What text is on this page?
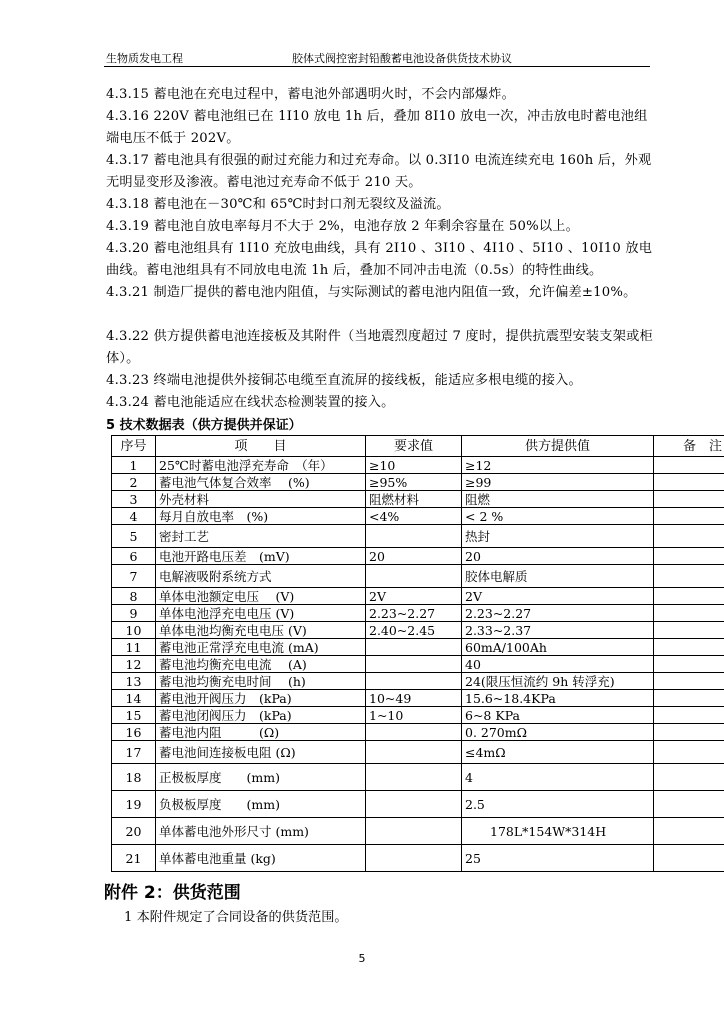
生物质发电工程	胶体式阀控密封铅酸蓄电池设备供货技术协议

4.3.15 蓄电池在充电过程中，蓄电池外部遇明火时，不会内部爆炸。

4.3.16 220V 蓄电池组已在 1I10 放电 1h 后，叠加 8I10 放电一次，冲击放电时蓄电池组端电压不低于 202V。

4.3.17 蓄电池具有很强的耐过充能力和过充寿命。以 0.3I10 电流连续充电 160h 后，外观无明显变形及渗液。蓄电池过充寿命不低于 210 天。

4.3.18 蓄电池在－30℃和 65℃时封口剂无裂纹及溢流。

4.3.19 蓄电池自放电率每月不大于 2%，电池存放 2 年剩余容量在 50%以上。

4.3.20 蓄电池组具有 1I10 充放电曲线，具有 2I10 、3I10 、4I10 、5I10 、10I10 放电曲线。蓄电池组具有不同放电电流 1h 后，叠加不同冲击电流（0.5s）的特性曲线。

4.3.21 制造厂提供的蓄电池内阻值，与实际测试的蓄电池内阻值一致，允许偏差±10%。

4.3.22 供方提供蓄电池连接板及其附件（当地震烈度超过 7 度时，提供抗震型安装支架或柜体）。

4.3.23 终端电池提供外接铜芯电缆至直流屏的接线板，能适应多根电缆的接入。

4.3.24 蓄电池能适应在线状态检测装置的接入。

5 技术数据表（供方提供并保证）
序号	项　　目	要求值	供方提供值	备　注
1	25℃时蓄电池浮充寿命　（年）	≥10	≥12	
2	蓄电池气体复合效率　 (%)	≥95%	≥99	
3	外壳材料	阻燃材料	阻燃	
4	每月自放电率　(%)	<4%	< 2 %	
5	密封工艺		热封	
6	电池开路电压差　(mV)	20	20	
7	电解液吸附系统方式		胶体电解质	
8	单体电池额定电压　 (V)	2V	2V	
9	单体电池浮充电电压 (V)	2.23~2.27	2.23~2.27	
10	单体电池均衡充电电压 (V)	2.40~2.45	2.33~2.37	
11	蓄电池正常浮充电电流 (mA)		60mA/100Ah	
12	蓄电池均衡充电电流　 (A)		40	
13	蓄电池均衡充电时间　 (h)		24(限压恒流约 9h 转浮充)	
14	蓄电池开阀压力　(kPa)	10~49	15.6~18.4KPa	
15	蓄电池闭阀压力　(kPa)	1~10	6~8 KPa	
16	蓄电池内阻　　　(Ω)		0. 270mΩ	
17	蓄电池间连接板电阻 (Ω)		≤4mΩ	
18	正极板厚度　　(mm)		4	
19	负极板厚度　　(mm)		2.5	
20	单体蓄电池外形尺寸 (mm)		　　178L*154W*314H	
21	单体蓄电池重量 (kg)		25	
附件 2：供货范围
1 本附件规定了合同设备的供货范围。
5
